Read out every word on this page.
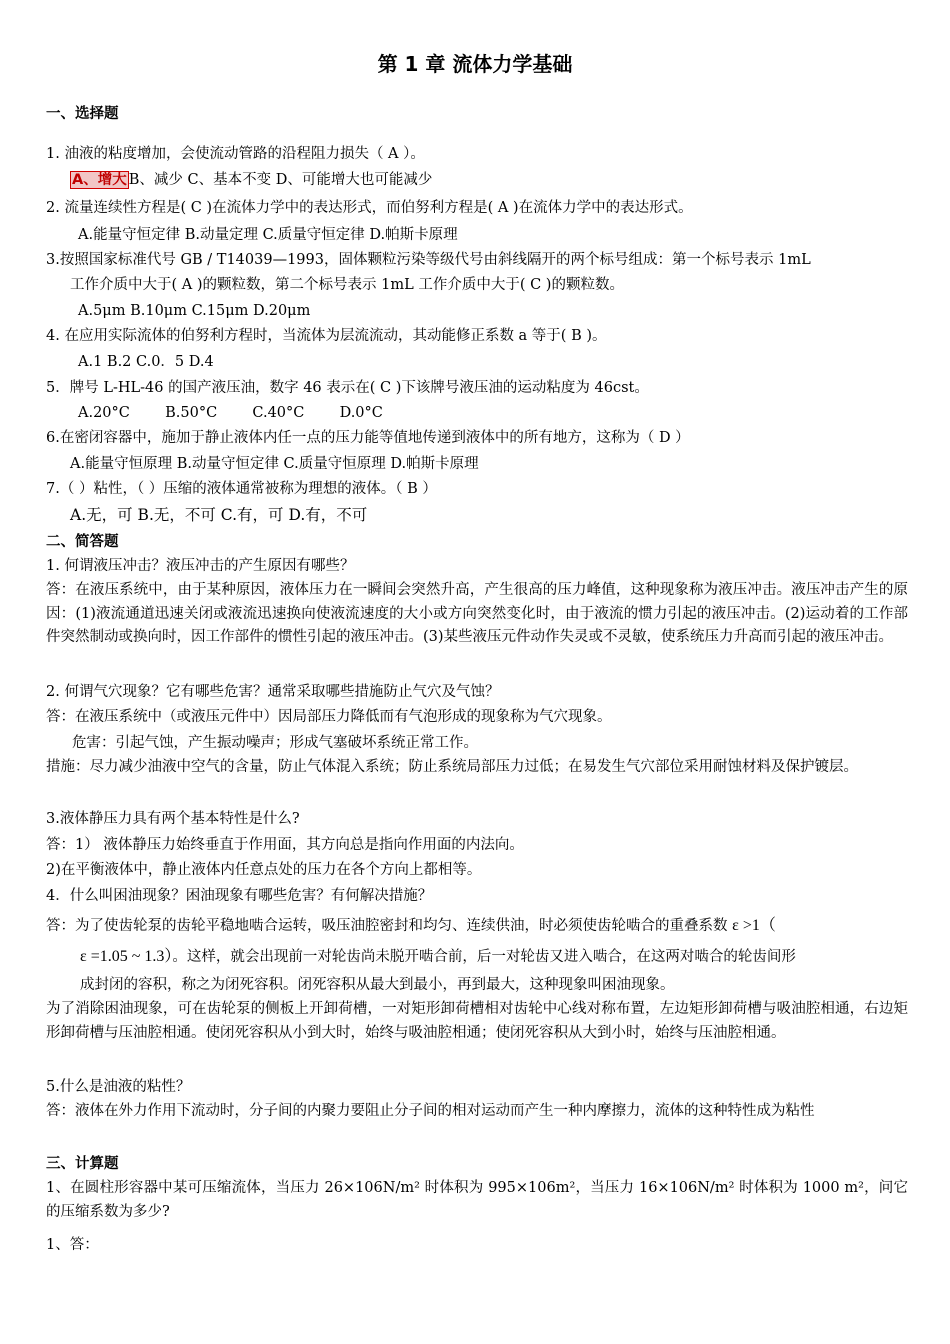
第 1 章 流体力学基础
一、选择题
1. 油液的粘度增加，会使流动管路的沿程阻力损失（ A ）。
A、增大 B、减少 C、基本不变 D、可能增大也可能减少
2. 流量连续性方程是( C )在流体力学中的表达形式，而伯努利方程是( A )在流体力学中的表达形式。
A.能量守恒定律 B.动量定理 C.质量守恒定律 D.帕斯卡原理
3.按照国家标准代号 GB / T14039—1993，固体颗粒污染等级代号由斜线隔开的两个标号组成：第一个标号表示 1mL
工作介质中大于( A )的颗粒数，第二个标号表示 1mL 工作介质中大于( C )的颗粒数。
A.5μm B.10μm C.15μm D.20μm
4. 在应用实际流体的伯努利方程时，当流体为层流流动，其动能修正系数 a 等于( B )。
A.1 B.2 C.0．5 D.4
5．牌号 L-HL-46 的国产液压油，数字 46 表示在( C )下该牌号液压油的运动粘度为 46cst。
A.20°C B.50°C C.40°C D.0°C
6.在密闭容器中，施加于静止液体内任一点的压力能等值地传递到液体中的所有地方，这称为（ D ）
A.能量守恒原理 B.动量守恒定律 C.质量守恒原理 D.帕斯卡原理
7.（ ）粘性，（ ）压缩的液体通常被称为理想的液体。（ B ）
A.无，可 B.无，不可 C.有，可 D.有，不可
二、简答题
1. 何谓液压冲击？液压冲击的产生原因有哪些？
答：在液压系统中，由于某种原因，液体压力在一瞬间会突然升高，产生很高的压力峰值，这种现象称为液压冲击。液压冲击产生的原因：(1)液流通道迅速关闭或液流迅速换向使液流速度的大小或方向突然变化时，由于液流的惯力引起的液压冲击。(2)运动着的工作部件突然制动或换向时，因工作部件的惯性引起的液压冲击。(3)某些液压元件动作失灵或不灵敏，使系统压力升高而引起的液压冲击。
2. 何谓气穴现象？它有哪些危害？通常采取哪些措施防止气穴及气蚀？
答：在液压系统中（或液压元件中）因局部压力降低而有气泡形成的现象称为气穴现象。
危害：引起气蚀，产生振动噪声；形成气塞破坏系统正常工作。
措施：尽力减少油液中空气的含量，防止气体混入系统；防止系统局部压力过低；在易发生气穴部位采用耐蚀材料及保护镀层。
3.液体静压力具有两个基本特性是什么?
答：1） 液体静压力始终垂直于作用面，其方向总是指向作用面的内法向。
2)在平衡液体中，静止液体内任意点处的压力在各个方向上都相等。
4．什么叫困油现象？困油现象有哪些危害？有何解决措施？
答：为了使齿轮泵的齿轮平稳地啮合运转，吸压油腔密封和均匀、连续供油，时必须使齿轮啮合的重叠系数 ε >1（
ε =1.05 ~ 1.3）。这样，就会出现前一对轮齿尚未脱开啮合前，后一对轮齿又进入啮合，在这两对啮合的轮齿间形
成封闭的容积，称之为闭死容积。闭死容积从最大到最小，再到最大，这种现象叫困油现象。
为了消除困油现象，可在齿轮泵的侧板上开卸荷槽，一对矩形卸荷槽相对齿轮中心线对称布置，左边矩形卸荷槽与吸油腔相通，右边矩形卸荷槽与压油腔相通。使闭死容积从小到大时，始终与吸油腔相通；使闭死容积从大到小时，始终与压油腔相通。
5.什么是油液的粘性？
答：液体在外力作用下流动时，分子间的内聚力要阻止分子间的相对运动而产生一种内摩擦力，流体的这种特性成为粘性
三、计算题
1、在圆柱形容器中某可压缩流体，当压力 26×106N/m² 时体积为 995×106m²，当压力 16×106N/m² 时体积为 1000 m²，问它的压缩系数为多少?
1、答：
